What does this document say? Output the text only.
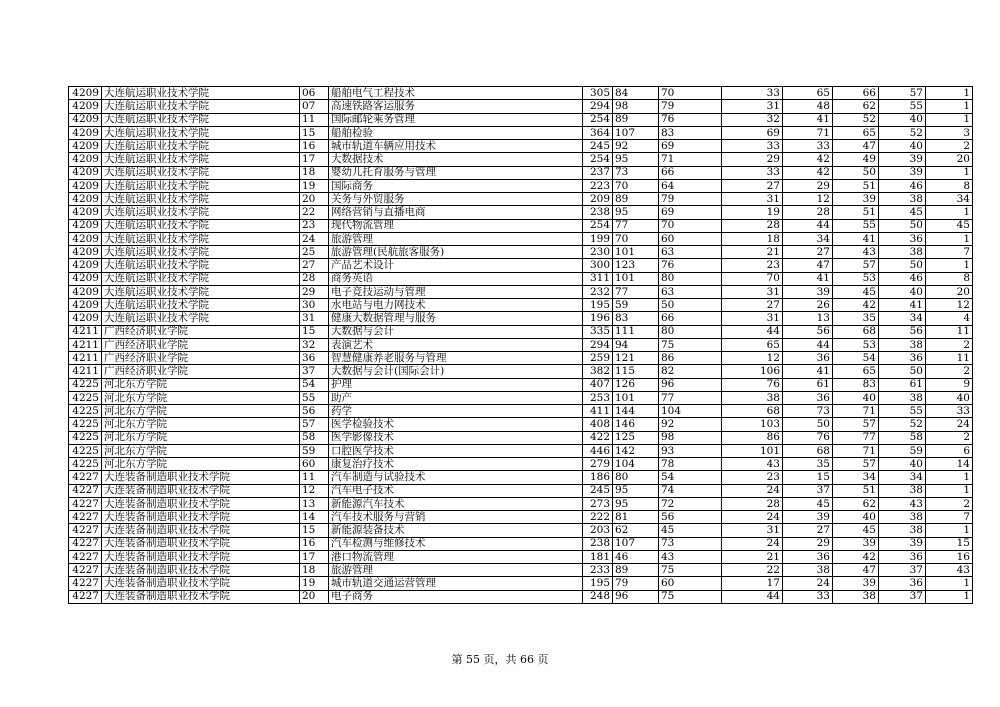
4209	大连航运职业技术学院	06	船舶电气工程技术	305	84	70	33	65	66	57	1
4209	大连航运职业技术学院	07	高速铁路客运服务	294	98	79	31	48	62	55	1
4209	大连航运职业技术学院	11	国际邮轮乘务管理	254	89	76	32	41	52	40	1
4209	大连航运职业技术学院	15	船舶检验	364	107	83	69	71	65	52	3
4209	大连航运职业技术学院	16	城市轨道车辆应用技术	245	92	69	33	33	47	40	2
4209	大连航运职业技术学院	17	大数据技术	254	95	71	29	42	49	39	20
4209	大连航运职业技术学院	18	婴幼儿托育服务与管理	237	73	66	33	42	50	39	1
4209	大连航运职业技术学院	19	国际商务	223	70	64	27	29	51	46	8
4209	大连航运职业技术学院	20	关务与外贸服务	209	89	79	31	12	39	38	34
4209	大连航运职业技术学院	22	网络营销与直播电商	238	95	69	19	28	51	45	1
4209	大连航运职业技术学院	23	现代物流管理	254	77	70	28	44	55	50	45
4209	大连航运职业技术学院	24	旅游管理	199	70	60	18	34	41	36	1
4209	大连航运职业技术学院	25	旅游管理(民航旅客服务)	230	101	63	21	27	43	38	7
4209	大连航运职业技术学院	27	产品艺术设计	300	123	76	23	47	57	50	1
4209	大连航运职业技术学院	28	商务英语	311	101	80	70	41	53	46	8
4209	大连航运职业技术学院	29	电子竞技运动与管理	232	77	63	31	39	45	40	20
4209	大连航运职业技术学院	30	水电站与电力网技术	195	59	50	27	26	42	41	12
4209	大连航运职业技术学院	31	健康大数据管理与服务	196	83	66	31	13	35	34	4
4211	广西经济职业学院	15	大数据与会计	335	111	80	44	56	68	56	11
4211	广西经济职业学院	32	表演艺术	294	94	75	65	44	53	38	2
4211	广西经济职业学院	36	智慧健康养老服务与管理	259	121	86	12	36	54	36	11
4211	广西经济职业学院	37	大数据与会计(国际会计)	382	115	82	106	41	65	50	2
4225	河北东方学院	54	护理	407	126	96	76	61	83	61	9
4225	河北东方学院	55	助产	253	101	77	38	36	40	38	40
4225	河北东方学院	56	药学	411	144	104	68	73	71	55	33
4225	河北东方学院	57	医学检验技术	408	146	92	103	50	57	52	24
4225	河北东方学院	58	医学影像技术	422	125	98	86	76	77	58	2
4225	河北东方学院	59	口腔医学技术	446	142	93	101	68	71	59	6
4225	河北东方学院	60	康复治疗技术	279	104	78	43	35	57	40	14
4227	大连装备制造职业技术学院	11	汽车制造与试验技术	186	80	54	23	15	34	34	1
4227	大连装备制造职业技术学院	12	汽车电子技术	245	95	74	24	37	51	38	1
4227	大连装备制造职业技术学院	13	新能源汽车技术	273	95	72	28	45	62	43	2
4227	大连装备制造职业技术学院	14	汽车技术服务与营销	222	81	56	24	39	40	38	7
4227	大连装备制造职业技术学院	15	新能源装备技术	203	62	45	31	27	45	38	1
4227	大连装备制造职业技术学院	16	汽车检测与维修技术	238	107	73	24	29	39	39	15
4227	大连装备制造职业技术学院	17	港口物流管理	181	46	43	21	36	42	36	16
4227	大连装备制造职业技术学院	18	旅游管理	233	89	75	22	38	47	37	43
4227	大连装备制造职业技术学院	19	城市轨道交通运营管理	195	79	60	17	24	39	36	1
4227	大连装备制造职业技术学院	20	电子商务	248	96	75	44	33	38	37	1
第 55 页，共 66 页
